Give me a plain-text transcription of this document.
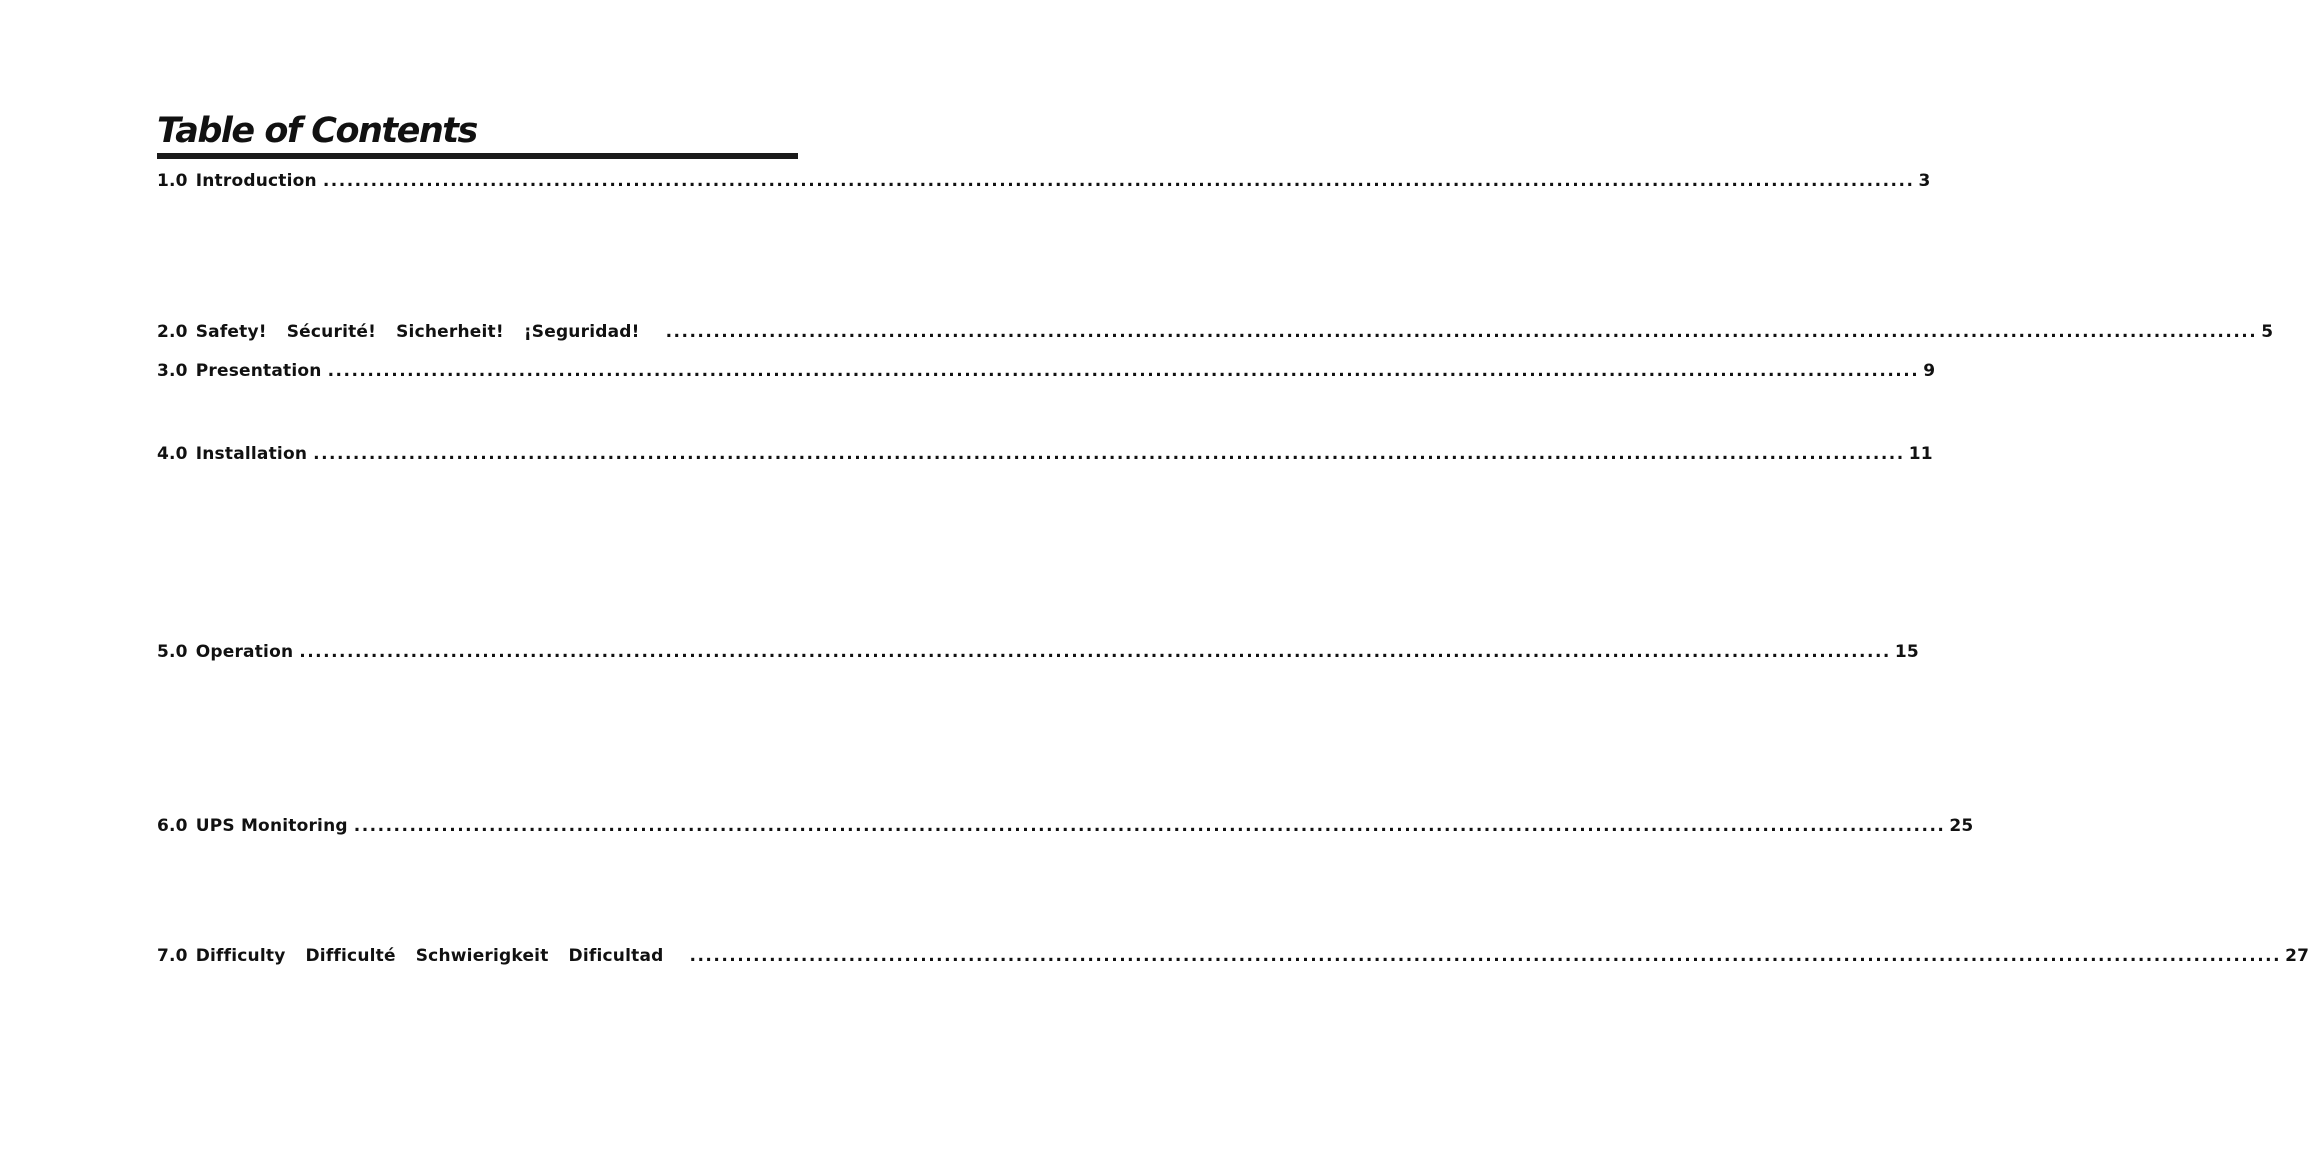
Table of Contents
1.0 Introduction ........................................................................................................................................................................................................ 3
2.0 Safety! Sécurité! Sicherheit! ¡Seguridad!	........................................................................................................................................................................................................ 5
3.0 Presentation ........................................................................................................................................................................................................ 9
4.0 Installation ........................................................................................................................................................................................................ 11
5.0 Operation ........................................................................................................................................................................................................ 15
6.0 UPS Monitoring ........................................................................................................................................................................................................ 25
7.0 Difficulty Difficulté Schwierigkeit Dificultad	........................................................................................................................................................................................................ 27
